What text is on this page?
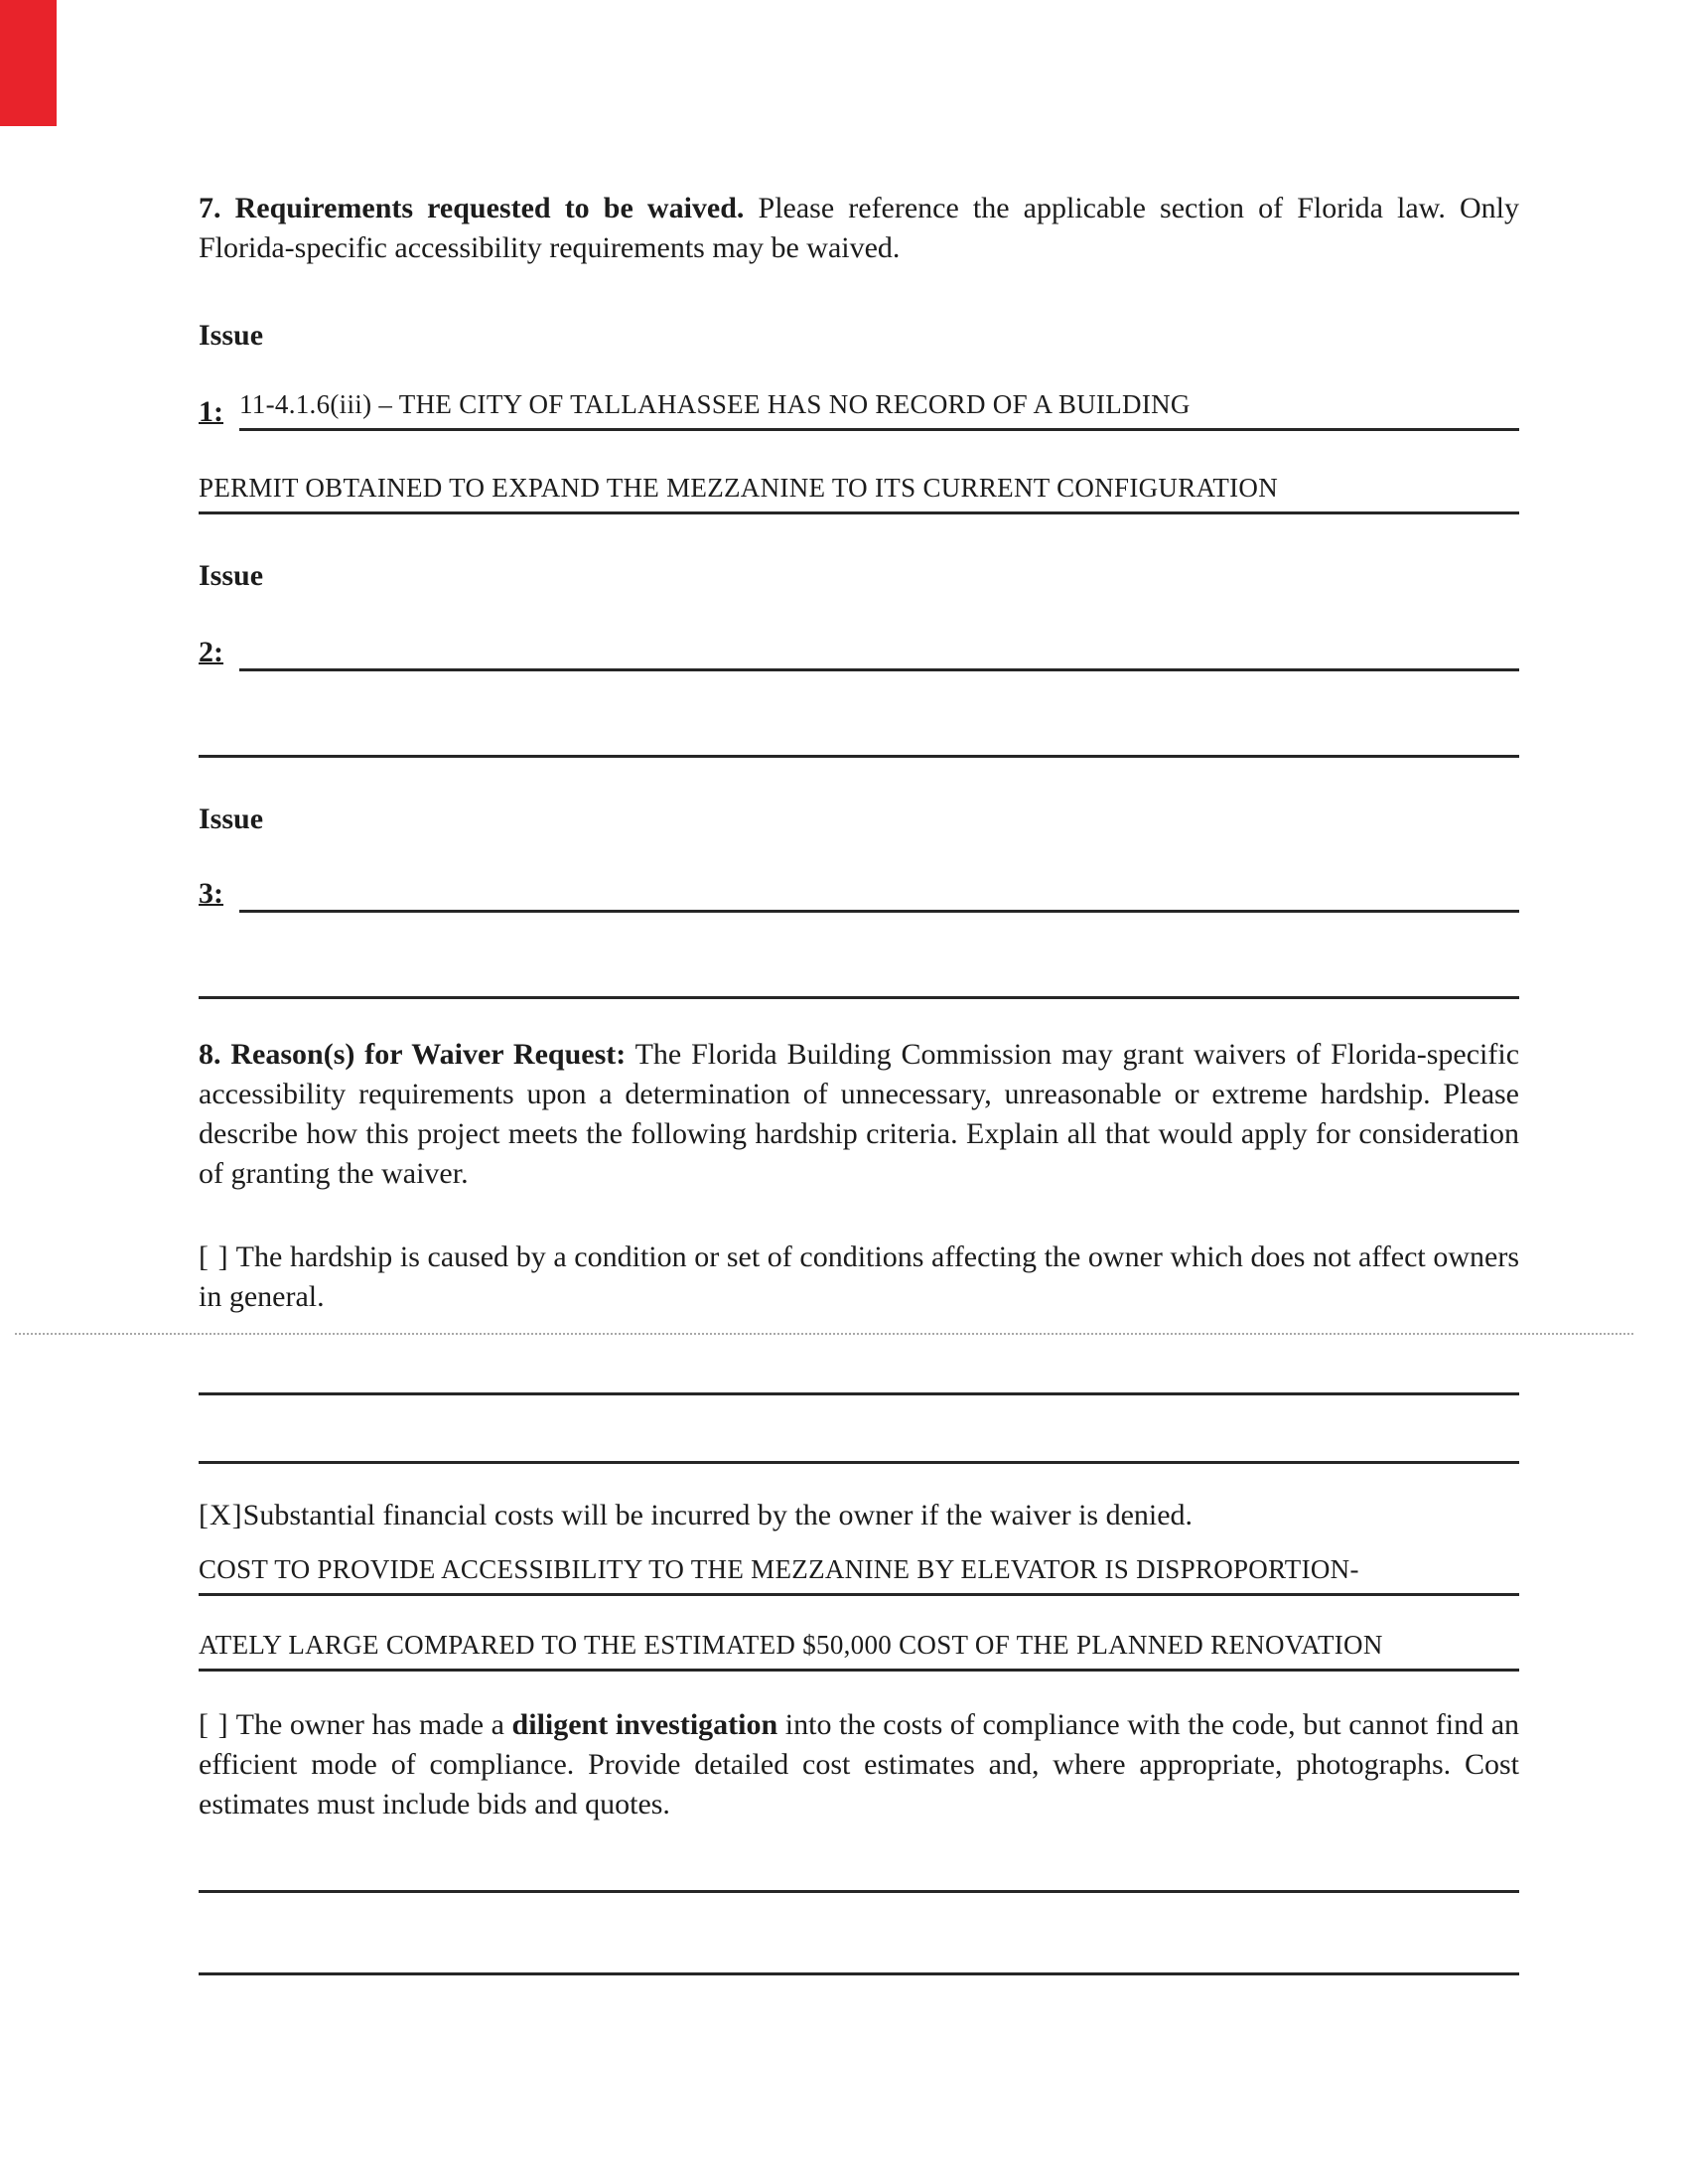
7. Requirements requested to be waived. Please reference the applicable section of Florida law. Only Florida-specific accessibility requirements may be waived.

Issue
1: 11-4.1.6(iii) – THE CITY OF TALLAHASSEE HAS NO RECORD OF A BUILDING
PERMIT OBTAINED TO EXPAND THE MEZZANINE TO ITS CURRENT CONFIGURATION
Issue
2:
Issue
3:

8. Reason(s) for Waiver Request: The Florida Building Commission may grant waivers of Florida-specific accessibility requirements upon a determination of unnecessary, unreasonable or extreme hardship. Please describe how this project meets the following hardship criteria. Explain all that would apply for consideration of granting the waiver.

[ ] The hardship is caused by a condition or set of conditions affecting the owner which does not affect owners in general.

[X]Substantial financial costs will be incurred by the owner if the waiver is denied.

COST TO PROVIDE ACCESSIBILITY TO THE MEZZANINE BY ELEVATOR IS DISPROPORTION-
ATELY LARGE COMPARED TO THE ESTIMATED $50,000 COST OF THE PLANNED RENOVATION

[ ] The owner has made a diligent investigation into the costs of compliance with the code, but cannot find an efficient mode of compliance. Provide detailed cost estimates and, where appropriate, photographs. Cost estimates must include bids and quotes.
